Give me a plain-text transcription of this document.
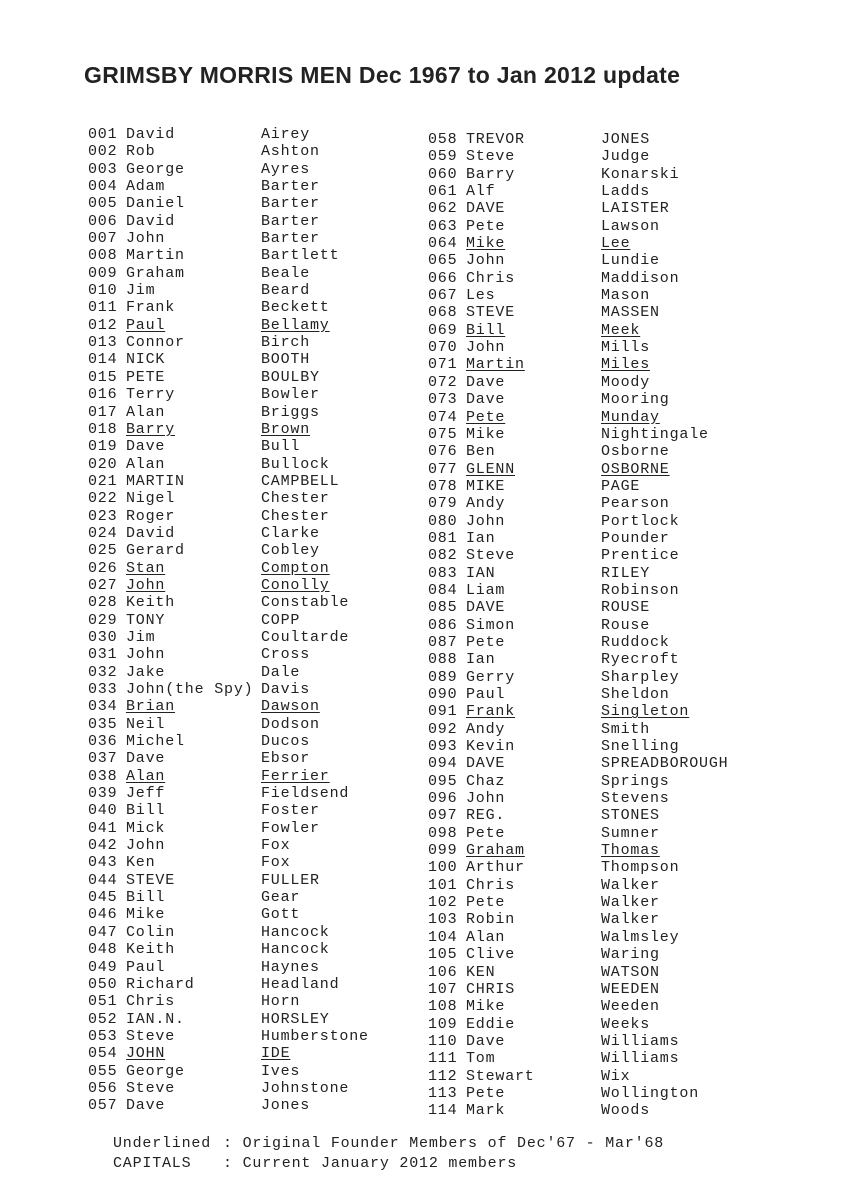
GRIMSBY MORRIS MEN Dec 1967 to Jan 2012 update
001 David	Airey
002 Rob	Ashton
003 George	Ayres
004 Adam	Barter
005 Daniel	Barter
006 David	Barter
007 John	Barter
008 Martin	Bartlett
009 Graham	Beale
010 Jim	Beard
011 Frank	Beckett
012 Paul	Bellamy
013 Connor	Birch
014 NICK	BOOTH
015 PETE	BOULBY
016 Terry	Bowler
017 Alan	Briggs
018 Barry	Brown
019 Dave	Bull
020 Alan	Bullock
021 MARTIN	CAMPBELL
022 Nigel	Chester
023 Roger	Chester
024 David	Clarke
025 Gerard	Cobley
026 Stan	Compton
027 John	Conolly
028 Keith	Constable
029 TONY	COPP
030 Jim	Coultarde
031 John	Cross
032 Jake	Dale
033 John(the Spy) Davis
034 Brian	Dawson
035 Neil	Dodson
036 Michel	Ducos
037 Dave	Ebsor
038 Alan	Ferrier
039 Jeff	Fieldsend
040 Bill	Foster
041 Mick	Fowler
042 John	Fox
043 Ken	Fox
044 STEVE	FULLER
045 Bill	Gear
046 Mike	Gott
047 Colin	Hancock
048 Keith	Hancock
049 Paul	Haynes
050 Richard	Headland
051 Chris	Horn
052 IAN.N.	HORSLEY
053 Steve	Humberstone
054 JOHN	IDE
055 George	Ives
056 Steve	Johnstone
057 Dave	Jones
058 TREVOR	JONES
059 Steve	Judge
060 Barry	Konarski
061 Alf	Ladds
062 DAVE	LAISTER
063 Pete	Lawson
064 Mike	Lee
065 John	Lundie
066 Chris	Maddison
067 Les	Mason
068 STEVE	MASSEN
069 Bill	Meek
070 John	Mills
071 Martin	Miles
072 Dave	Moody
073 Dave	Mooring
074 Pete	Munday
075 Mike	Nightingale
076 Ben	Osborne
077 GLENN	OSBORNE
078 MIKE	PAGE
079 Andy	Pearson
080 John	Portlock
081 Ian	Pounder
082 Steve	Prentice
083 IAN	RILEY
084 Liam	Robinson
085 DAVE	ROUSE
086 Simon	Rouse
087 Pete	Ruddock
088 Ian	Ryecroft
089 Gerry	Sharpley
090 Paul	Sheldon
091 Frank	Singleton
092 Andy	Smith
093 Kevin	Snelling
094 DAVE	SPREADBOROUGH
095 Chaz	Springs
096 John	Stevens
097 REG.	STONES
098 Pete	Sumner
099 Graham	Thomas
100 Arthur	Thompson
101 Chris	Walker
102 Pete	Walker
103 Robin	Walker
104 Alan	Walmsley
105 Clive	Waring
106 KEN	WATSON
107 CHRIS	WEEDEN
108 Mike	Weeden
109 Eddie	Weeks
110 Dave	Williams
111 Tom	Williams
112 Stewart	Wix
113 Pete	Wollington
114 Mark	Woods
Underlined : Original Founder Members of Dec'67 - Mar'68
CAPITALS	: Current January 2012 members
